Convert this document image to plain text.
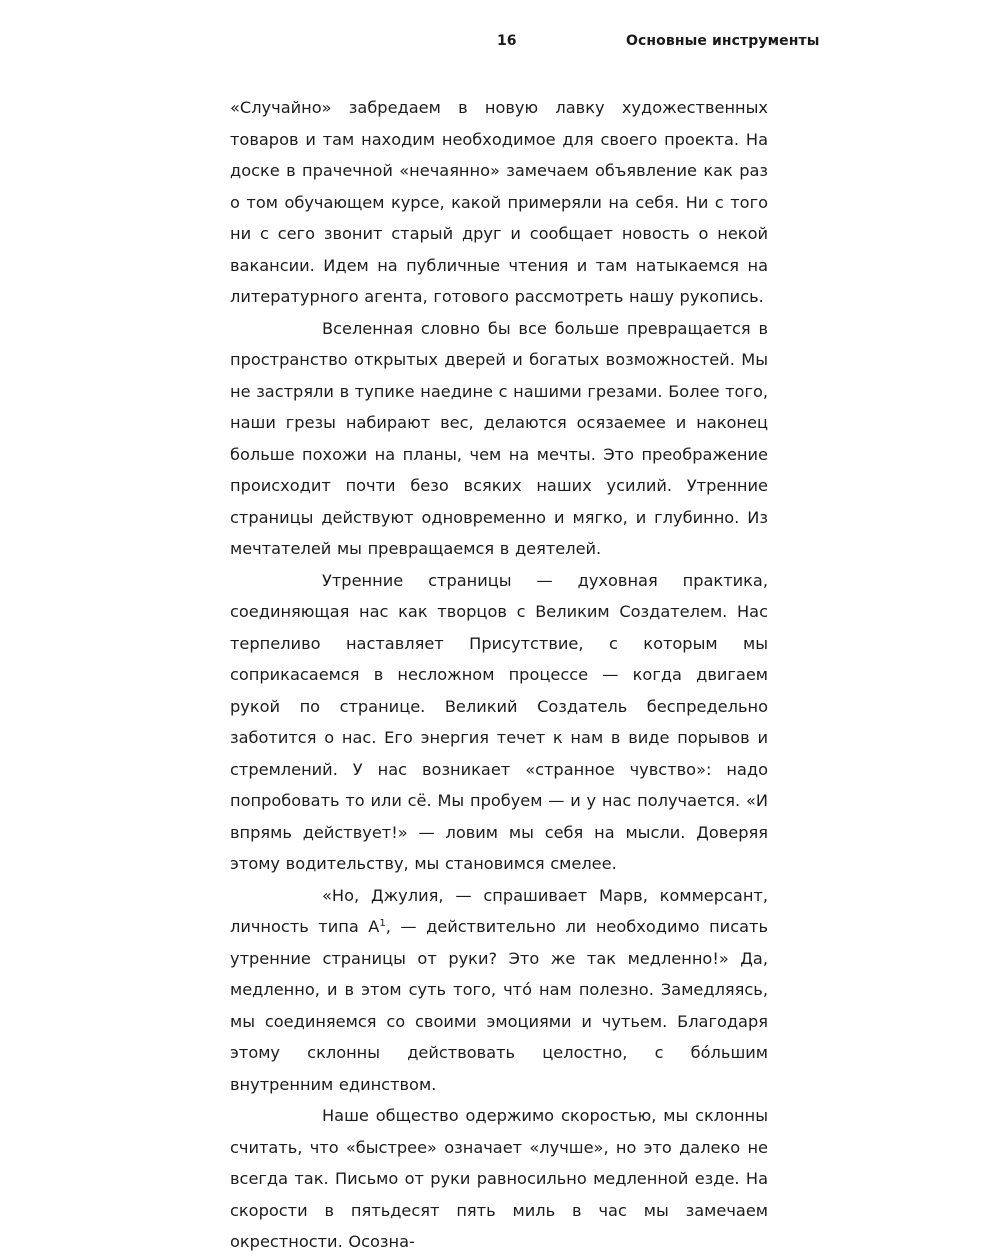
16	Основные инструменты

«Случайно» забредаем в новую лавку художественных товаров и там находим необходимое для своего проекта. На доске в прачечной «нечаянно» замечаем объявление как раз о том обучающем курсе, какой примеряли на себя. Ни с того ни с сего звонит старый друг и сообщает новость о некой вакансии. Идем на публичные чтения и там натыкаемся на литературного агента, готового рассмотреть нашу рукопись.

Вселенная словно бы все больше превращается в пространство открытых дверей и богатых возможностей. Мы не застряли в тупике наедине с нашими грезами. Более того, наши грезы набирают вес, делаются осязаемее и наконец больше похожи на планы, чем на мечты. Это преображение происходит почти безо всяких наших усилий. Утренние страницы действуют одновременно и мягко, и глубинно. Из мечтателей мы превращаемся в деятелей.

Утренние страницы — духовная практика, соединяющая нас как творцов с Великим Создателем. Нас терпеливо наставляет Присутствие, с которым мы соприкасаемся в несложном процессе — когда двигаем рукой по странице. Великий Создатель беспредельно заботится о нас. Его энергия течет к нам в виде порывов и стремлений. У нас возникает «странное чувство»: надо попробовать то или сё. Мы пробуем — и у нас получается. «И впрямь действует!» — ловим мы себя на мысли. Доверяя этому водительству, мы становимся смелее.

«Но, Джулия, — спрашивает Марв, коммерсант, личность типа $А^1$, — действительно ли необходимо писать утренние страницы от руки? Это же так медленно!» Да, медленно, и в этом суть того, что́ нам полезно. Замедляясь, мы соединяемся со своими эмоциями и чутьем. Благодаря этому склонны действовать целостно, с бо́льшим внутренним единством.

Наше общество одержимо скоростью, мы склонны считать, что «быстрее» означает «лучше», но это далеко не всегда так. Письмо от руки равносильно медленной езде. На скорости в пятьдесят пять миль в час мы замечаем окрестности. Осозна-
